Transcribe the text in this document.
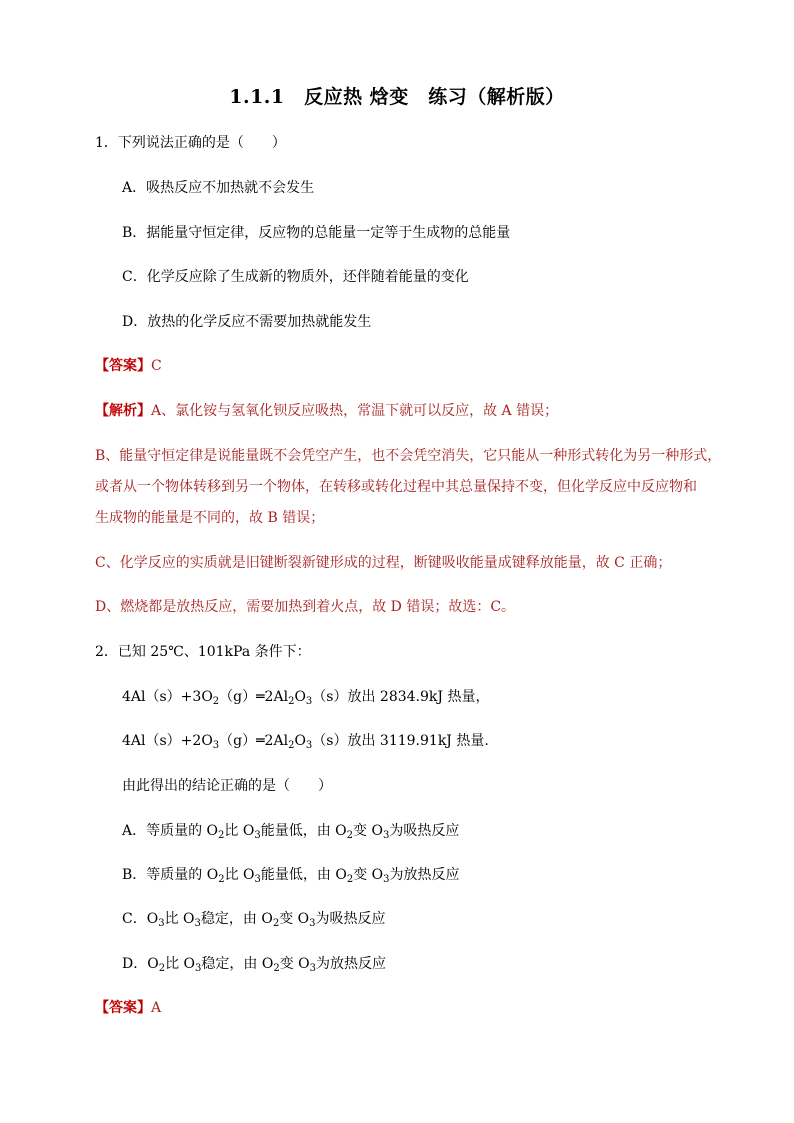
1.1.1　反应热 焓变　练习（解析版）
1．下列说法正确的是（　　）
A．吸热反应不加热就不会发生
B．据能量守恒定律，反应物的总能量一定等于生成物的总能量
C．化学反应除了生成新的物质外，还伴随着能量的变化
D．放热的化学反应不需要加热就能发生
【答案】C
【解析】A、氯化铵与氢氧化钡反应吸热，常温下就可以反应，故 A 错误；
B、能量守恒定律是说能量既不会凭空产生，也不会凭空消失，它只能从一种形式转化为另一种形式，
或者从一个物体转移到另一个物体，在转移或转化过程中其总量保持不变，但化学反应中反应物和
生成物的能量是不同的，故 B 错误；
C、化学反应的实质就是旧键断裂新键形成的过程，断键吸收能量成键释放能量，故 C 正确；
D、燃烧都是放热反应，需要加热到着火点，故 D 错误；故选：C。
2．已知 25℃、101kPa 条件下：
$4Al(s)+3O_2(g)═2Al_2O_3(s)$放出 2834.9kJ 热量，
$4Al(s)+2O_3(g)═2Al_2O_3(s)$放出 3119.91kJ 热量.
由此得出的结论正确的是（　　）
A．等质量的 $O_2$比 $O_3$能量低，由 $O_2$变 $O_3$为吸热反应
B．等质量的 $O_2$比 $O_3$能量低，由 $O_2$变 $O_3$为放热反应
C．$O_3$比 $O_3$稳定，由 $O_2$变 $O_3$为吸热反应
D．$O_2$比 $O_3$稳定，由 $O_2$变 $O_3$为放热反应
【答案】A
